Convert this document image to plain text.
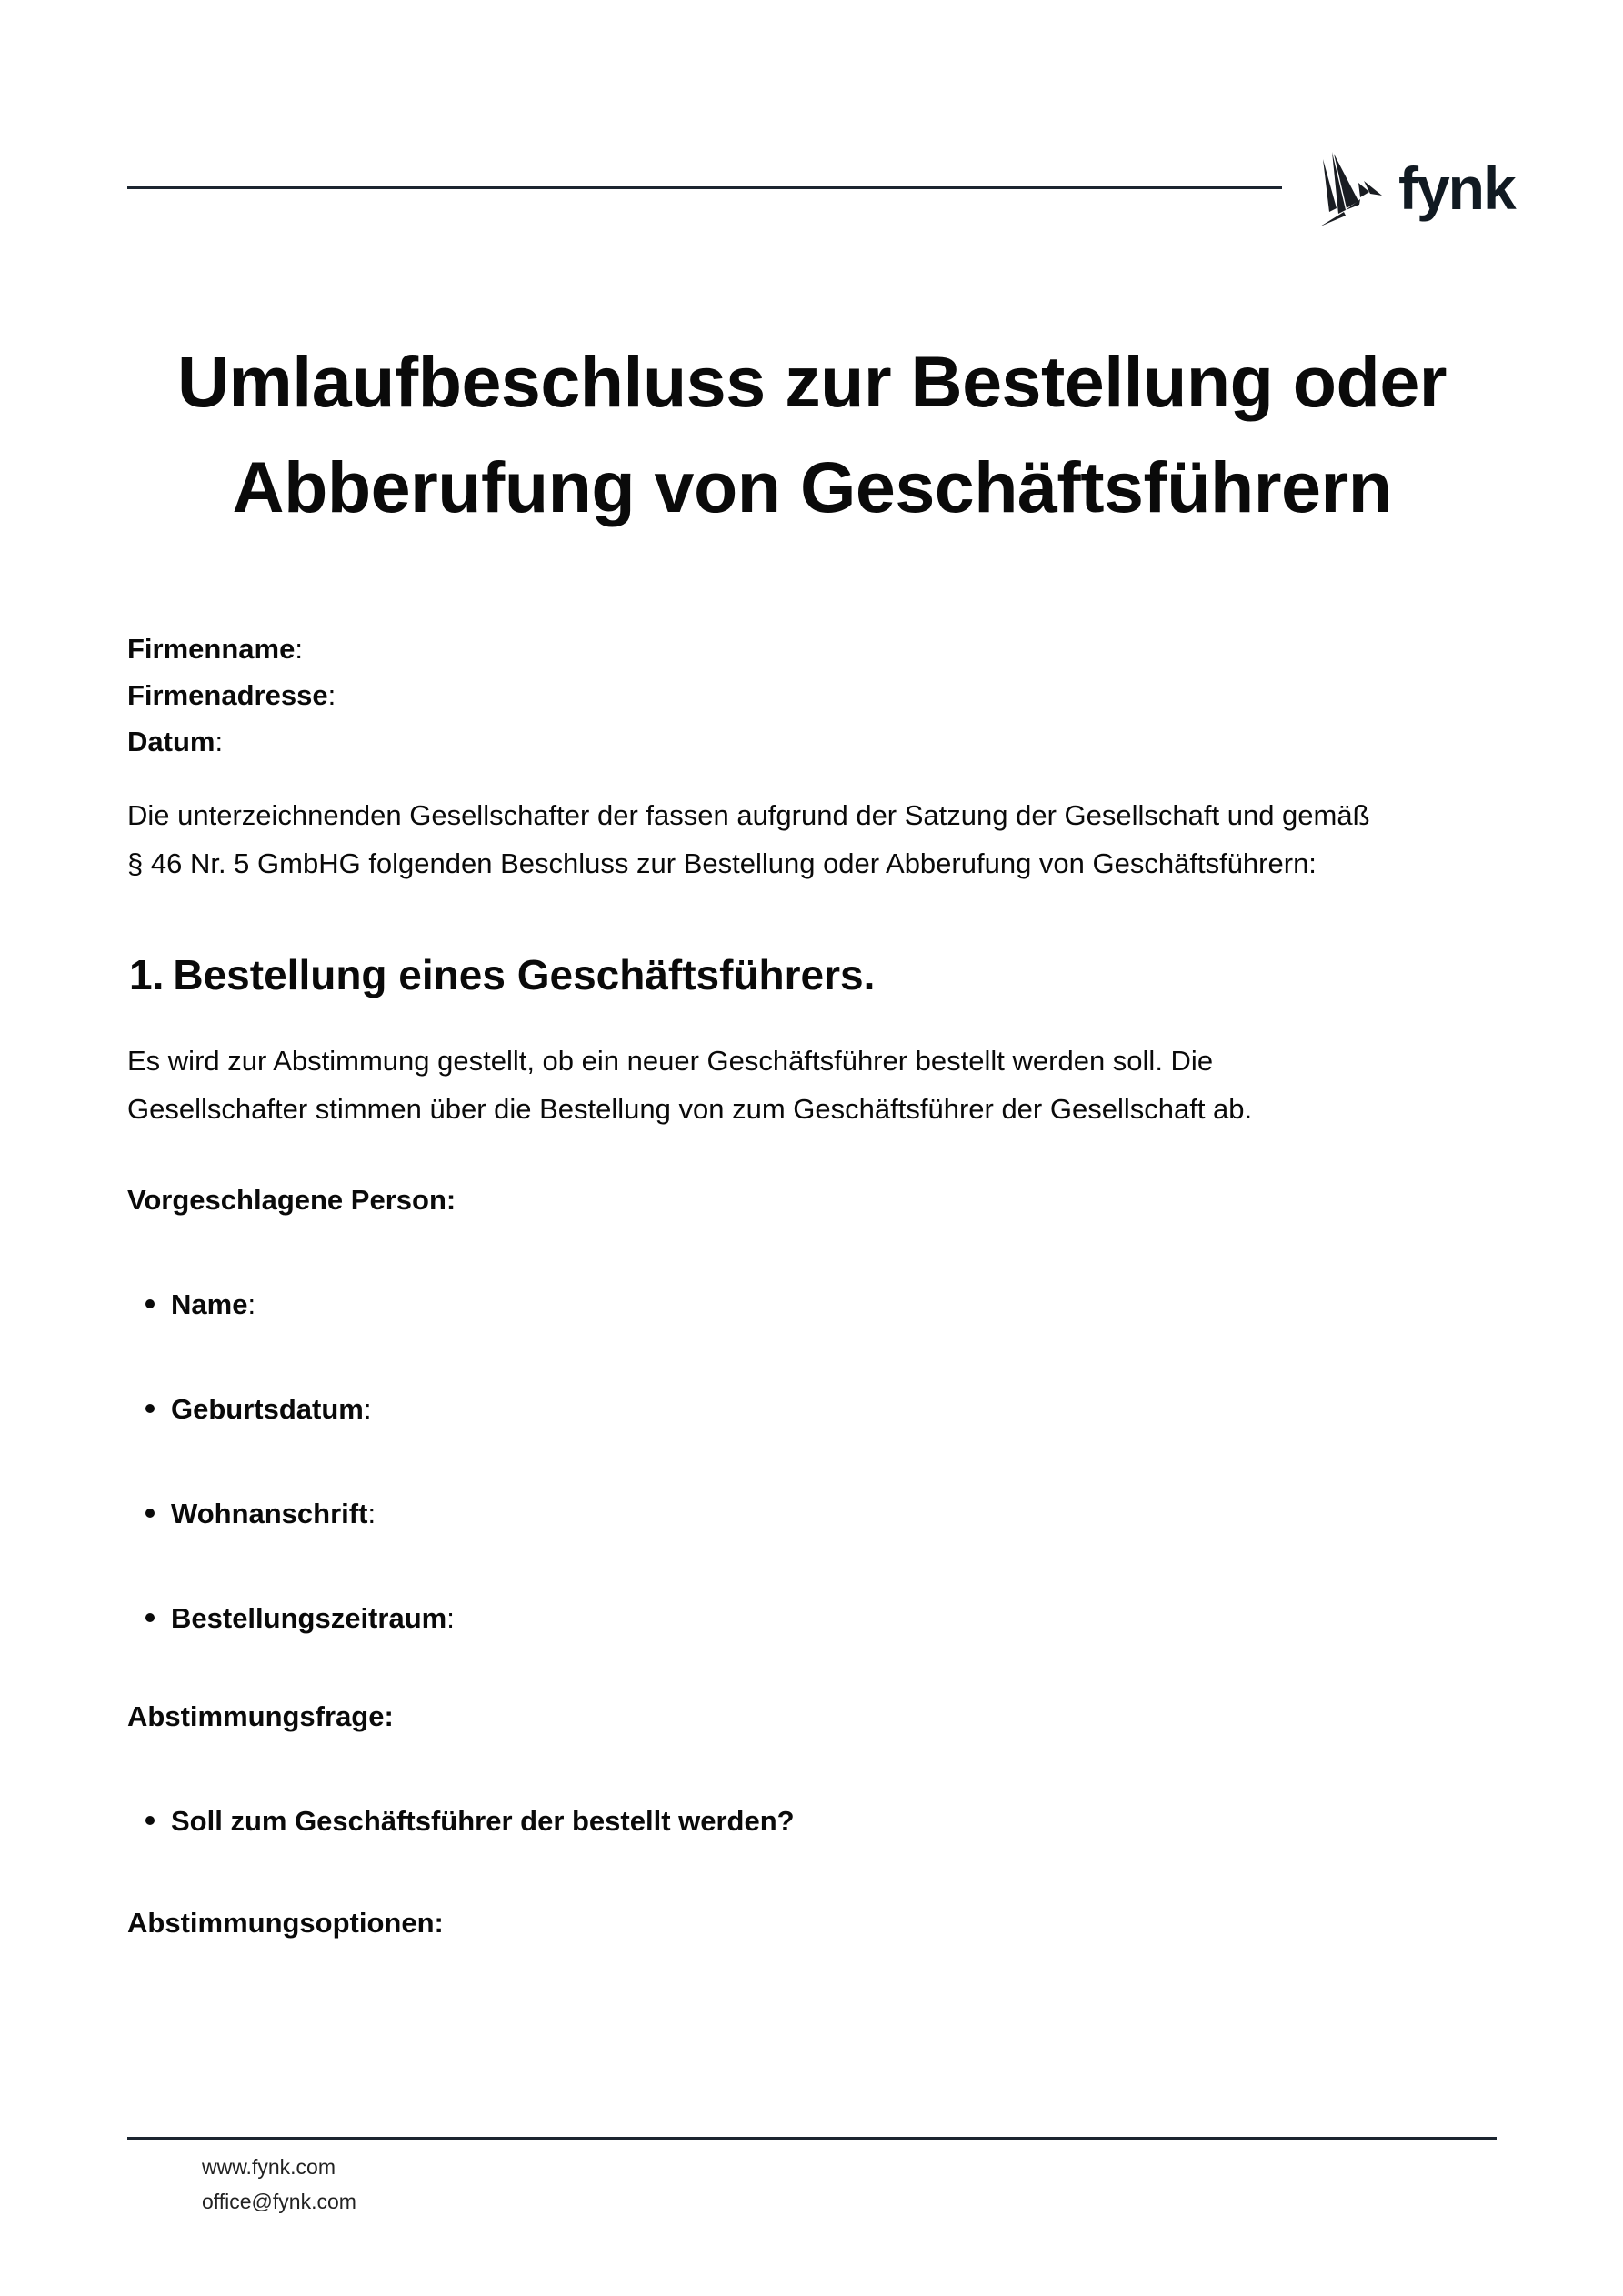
fynk
Umlaufbeschluss zur Bestellung oder
Abberufung von Geschäftsführern
Firmenname:
Firmenadresse:
Datum:

Die unterzeichnenden Gesellschafter der fassen aufgrund der Satzung der Gesellschaft und gemäß
§ 46 Nr. 5 GmbHG folgenden Beschluss zur Bestellung oder Abberufung von Geschäftsführern:

1. Bestellung eines Geschäftsführers.

Es wird zur Abstimmung gestellt, ob ein neuer Geschäftsführer bestellt werden soll. Die
Gesellschafter stimmen über die Bestellung von zum Geschäftsführer der Gesellschaft ab.

Vorgeschlagene Person:
Name:
Geburtsdatum:
Wohnanschrift:
Bestellungszeitraum:
Abstimmungsfrage:
Soll zum Geschäftsführer der bestellt werden?
Abstimmungsoptionen:
www.fynk.com
office@fynk.com
